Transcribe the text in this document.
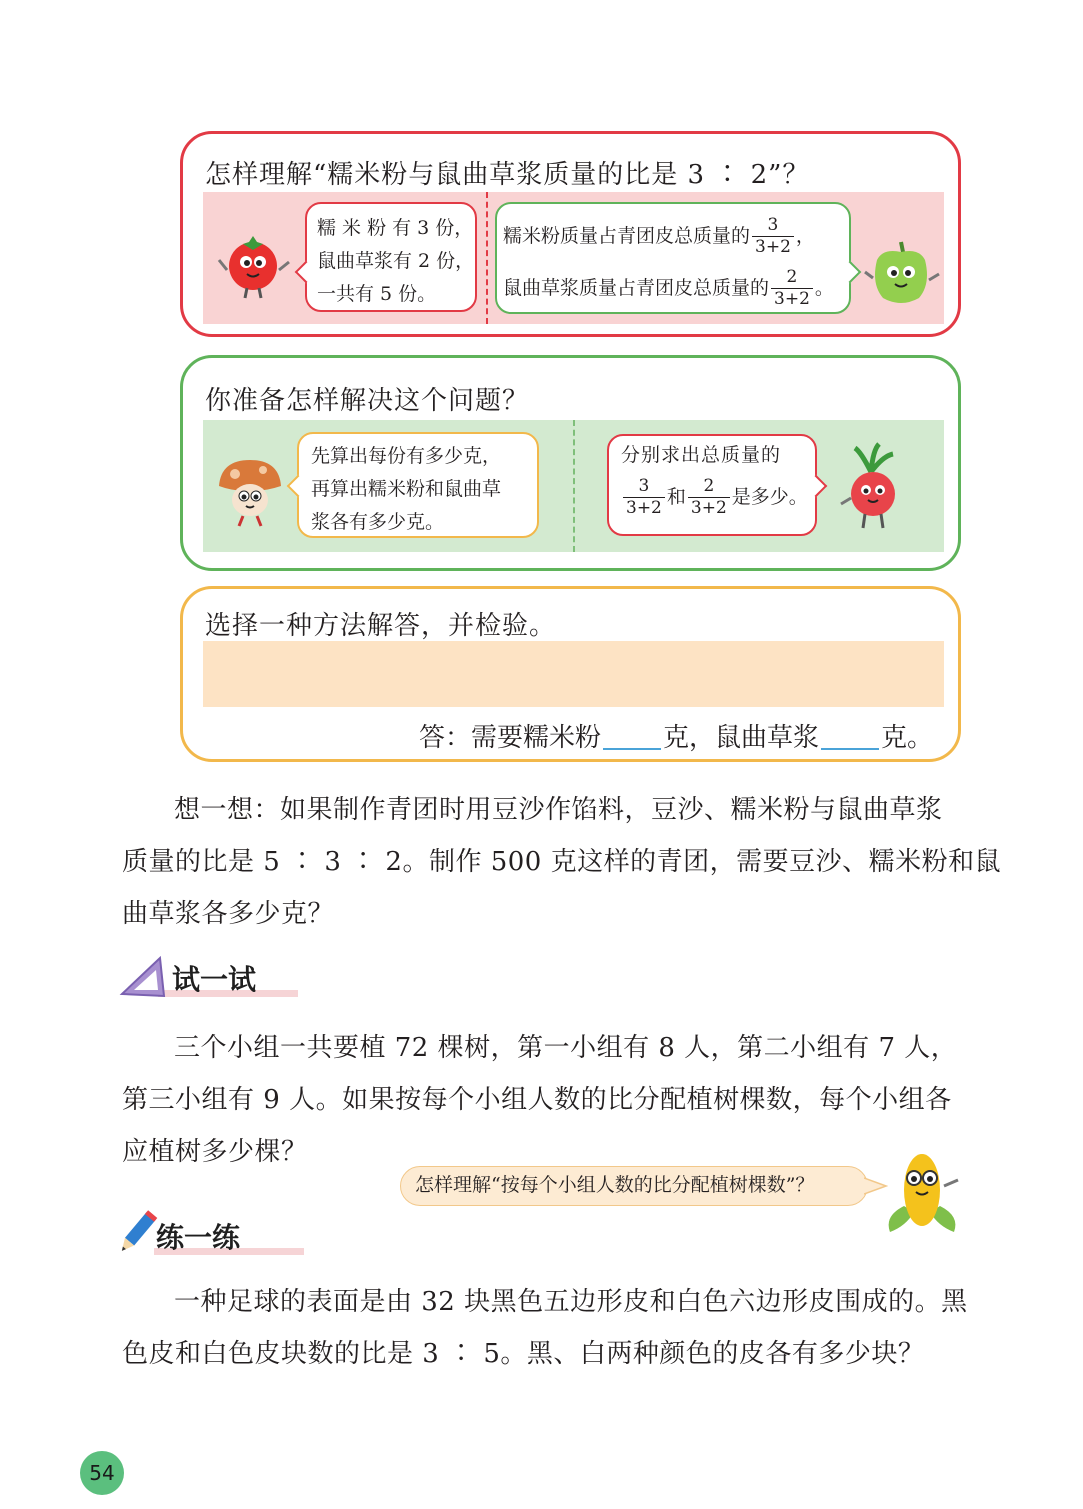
怎样理解“糯米粉与鼠曲草浆质量的比是 3 ∶ 2”？
糯 米 粉 有 3 份，
鼠曲草浆有 2 份，
一共有 5 份。
糯米粉质量占青团皮总质量的 $\frac{3}{3+2}$ ，
鼠曲草浆质量占青团皮总质量的 $\frac{2}{3+2}$ 。
你准备怎样解决这个问题？
先算出每份有多少克，
再算出糯米粉和鼠曲草
浆各有多少克。
分别求出总质量的
$\frac{3}{3+2}$ 和 $\frac{2}{3+2}$ 是多少。
选择一种方法解答，并检验。
答：需要糯米粉 克，鼠曲草浆 克。
想一想：如果制作青团时用豆沙作馅料，豆沙、糯米粉与鼠曲草浆
质量的比是 5 ∶ 3 ∶ 2。制作 500 克这样的青团，需要豆沙、糯米粉和鼠
曲草浆各多少克？
试一试
三个小组一共要植 72 棵树，第一小组有 8 人，第二小组有 7 人，
第三小组有 9 人。如果按每个小组人数的比分配植树棵数，每个小组各
应植树多少棵？
怎样理解“按每个小组人数的比分配植树棵数”？
练一练
一种足球的表面是由 32 块黑色五边形皮和白色六边形皮围成的。黑
色皮和白色皮块数的比是 3 ∶ 5。黑、白两种颜色的皮各有多少块？
54
